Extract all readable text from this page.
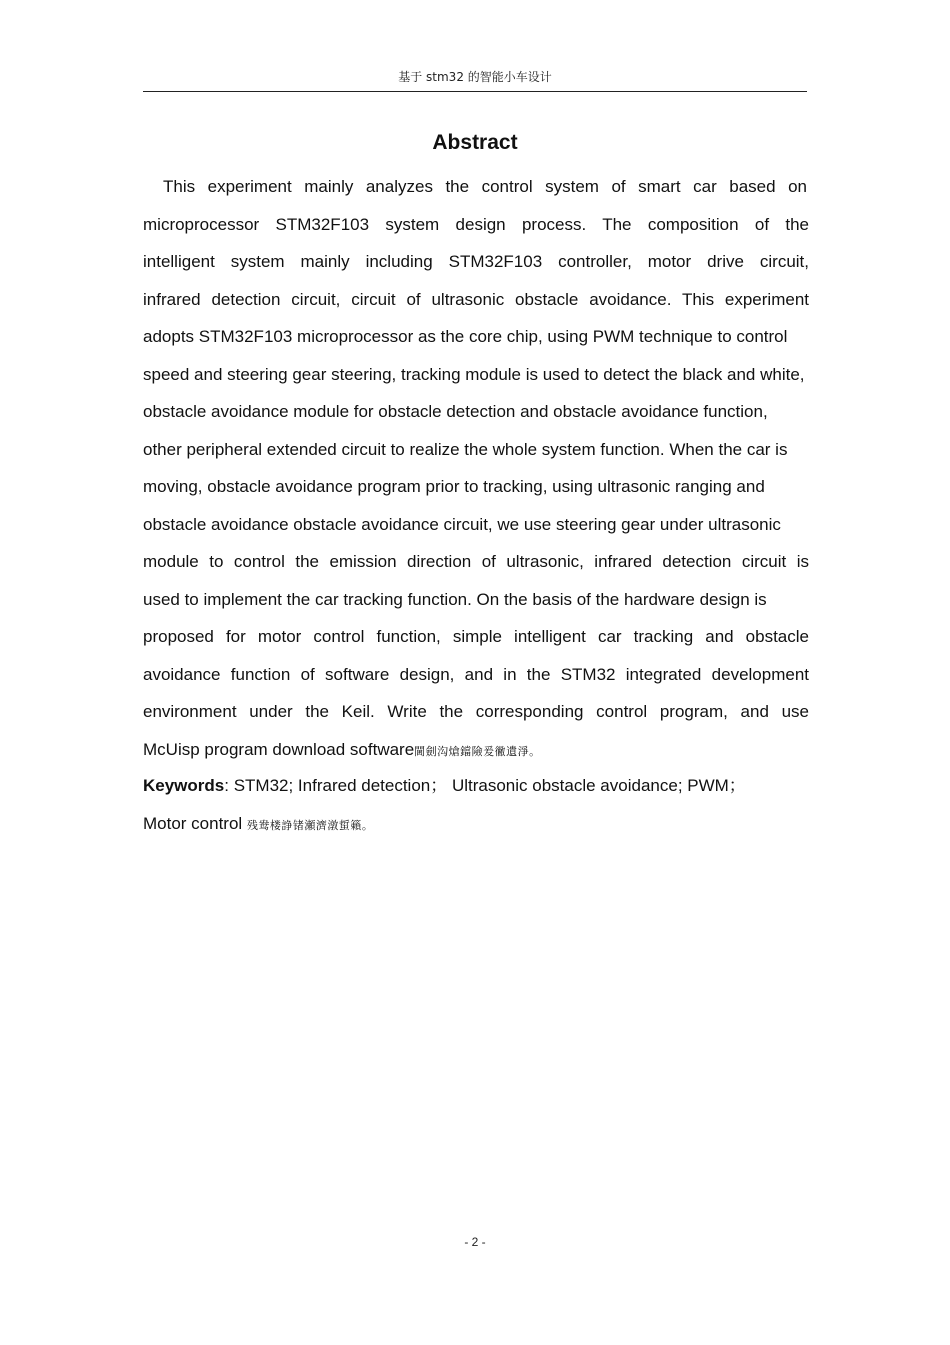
基于 stm32 的智能小车设计
Abstract
This experiment mainly analyzes the control system of smart car based on
microprocessor STM32F103 system design process. The composition of the
intelligent system mainly including STM32F103 controller, motor drive circuit,
infrared detection circuit, circuit of ultrasonic obstacle avoidance. This experiment
adopts STM32F103 microprocessor as the core chip, using PWM technique to control
speed and steering gear steering, tracking module is used to detect the black and white,
obstacle avoidance module for obstacle detection and obstacle avoidance function,
other peripheral extended circuit to realize the whole system function. When the car is
moving, obstacle avoidance program prior to tracking, using ultrasonic ranging and
obstacle avoidance obstacle avoidance circuit, we use steering gear under ultrasonic
module to control the emission direction of ultrasonic, infrared detection circuit is
used to implement the car tracking function. On the basis of the hardware design is
proposed for motor control function, simple intelligent car tracking and obstacle
avoidance function of software design, and in the STM32 integrated development
environment under the Keil. Write the corresponding control program, and use
McUisp program download software閫劍沟熗鐺險爰徶遺淨。
Keywords: STM32; Infrared detection； Ultrasonic obstacle avoidance; PWM；
Motor control 残鸯楼諍锗瀬濟潡蜇籟。
- 2 -
